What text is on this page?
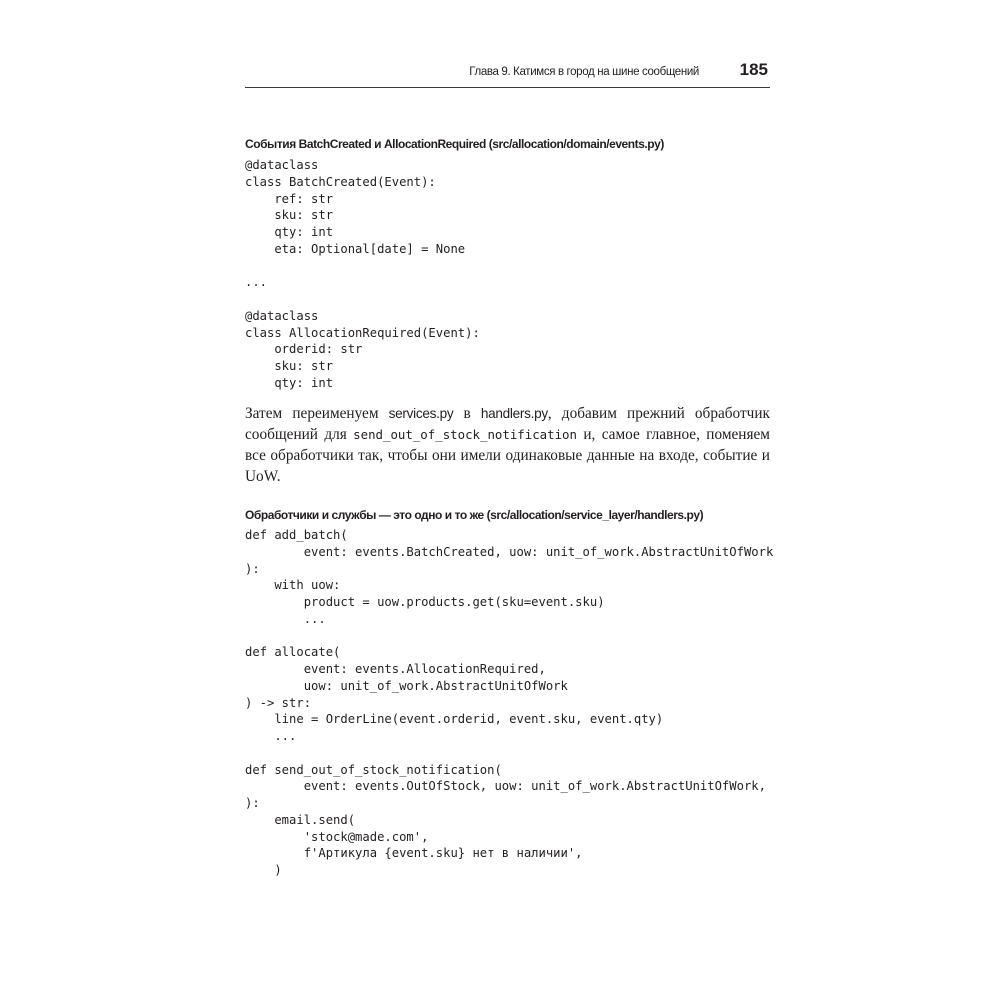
Глава 9. Катимся в город на шине сообщений 185
События BatchCreated и AllocationRequired (src/allocation/domain/events.py)
@dataclass
class BatchCreated(Event):
ref: str
sku: str
qty: int
eta: Optional[date] = None

...

@dataclass
class AllocationRequired(Event):
orderid: str
sku: str
qty: int

Затем переименуем services.py в handlers.py, добавим прежний обработчик сообщений для send_out_of_stock_notification и, самое главное, поменяем все обработчики так, чтобы они имели одинаковые данные на входе, событие и UoW.

Обработчики и службы — это одно и то же (src/allocation/service_layer/handlers.py)
def add_batch(
event: events.BatchCreated, uow: unit_of_work.AbstractUnitOfWork
):
with uow:
product = uow.products.get(sku=event.sku)
...

def allocate(
event: events.AllocationRequired,
uow: unit_of_work.AbstractUnitOfWork
) -> str:
line = OrderLine(event.orderid, event.sku, event.qty)
...

def send_out_of_stock_notification(
event: events.OutOfStock, uow: unit_of_work.AbstractUnitOfWork,
):
email.send(
'stock@made.com',
f'Артикула {event.sku} нет в наличии',
)
